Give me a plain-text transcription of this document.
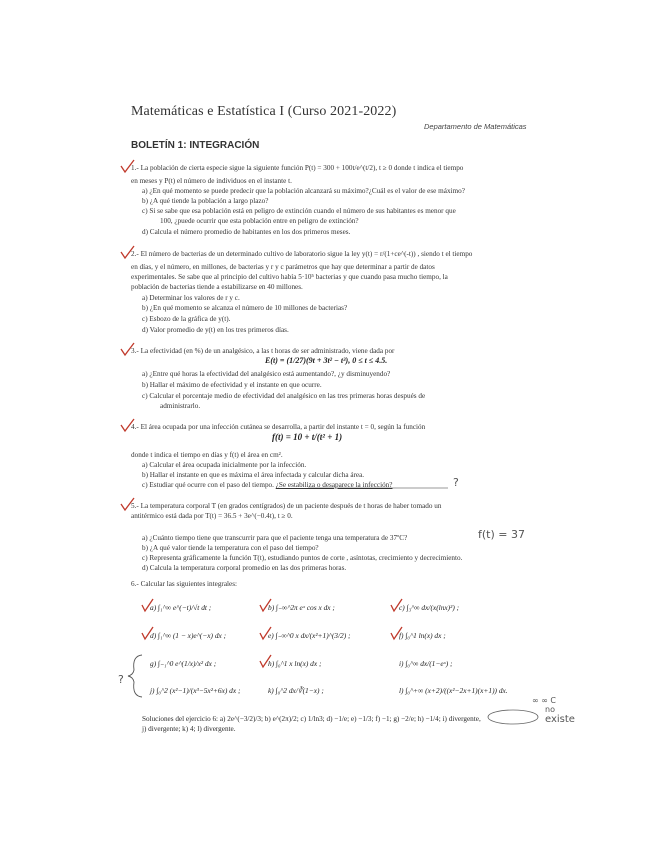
Matemáticas e Estatística I (Curso 2021-2022)
Departamento de Matemáticas
BOLETÍN 1: INTEGRACIÓN
1.- La población de cierta especie sigue la siguiente función P(t) = 300 + 100t/e^(t/2), t ≥ 0 donde t indica el tiempo
en meses y P(t) el número de individuos en el instante t.
a) ¿En qué momento se puede predecir que la población alcanzará su máximo?¿Cuál es el valor de ese máximo?
b) ¿A qué tiende la población a largo plazo?
c) Si se sabe que esa población está en peligro de extinción cuando el número de sus habitantes es menor que
100, ¿puede ocurrir que esta población entre en peligro de extinción?
d) Calcula el número promedio de habitantes en los dos primeros meses.
2.- El número de bacterias de un determinado cultivo de laboratorio sigue la ley y(t) = r/(1+ce^(-t)) , siendo t el tiempo
en días, y el número, en millones, de bacterias y r y c parámetros que hay que determinar a partir de datos
experimentales. Se sabe que al principio del cultivo había 5·10⁵ bacterias y que cuando pasa mucho tiempo, la
población de bacterias tiende a estabilizarse en 40 millones.
a) Determinar los valores de r y c.
b) ¿En qué momento se alcanza el número de 10 millones de bacterias?
c) Esbozo de la gráfica de y(t).
d) Valor promedio de y(t) en los tres primeros días.
3.- La efectividad (en %) de un analgésico, a las t horas de ser administrado, viene dada por
E(t) = (1/27)(9t + 3t² − t³), 0 ≤ t ≤ 4.5.
a) ¿Entre qué horas la efectividad del analgésico está aumentando?, ¿y disminuyendo?
b) Hallar el máximo de efectividad y el instante en que ocurre.
c) Calcular el porcentaje medio de efectividad del analgésico en las tres primeras horas después de
administrarlo.
4.- El área ocupada por una infección cutánea se desarrolla, a partir del instante t = 0, según la función
f(t) = 10 + t/(t² + 1)
donde t indica el tiempo en días y f(t) el área en cm².
a) Calcular el área ocupada inicialmente por la infección.
b) Hallar el instante en que es máxima el área infectada y calcular dicha área.
c) Estudiar qué ocurre con el paso del tiempo. ¿Se estabiliza o desaparece la infección?	?
5.- La temperatura corporal T (en grados centígrados) de un paciente después de t horas de haber tomado un
antitérmico está dada por T(t) = 36.5 + 3e^(−0.4t), t ≥ 0.
a) ¿Cuánto tiempo tiene que transcurrir para que el paciente tenga una temperatura de 37ºC?	f(t) = 37
b) ¿A qué valor tiende la temperatura con el paso del tiempo?
c) Representa gráficamente la función T(t), estudiando puntos de corte , asíntotas, crecimiento y decrecimiento.
d) Calcula la temperatura corporal promedio en las dos primeras horas.
6.- Calcular las siguientes integrales:
a) ∫₁^∞ e^(−t)/√t dt ;	b) ∫₋∞^2π eˣ cos x dx ;	c) ∫₃^∞ dx/(x(lnx)²) ;
d) ∫₁^∞ (1 − x)e^(−x) dx ;	e) ∫₋∞^0 x dx/(x²+1)^(3/2) ;	f) ∫₀^1 ln(x) dx ;
g) ∫₋₁^0 e^(1/x)/x² dx ;	h) ∫₀^1 x ln(x) dx ;	i) ∫₀^∞ dx/(1−eˣ) ;
j) ∫₀^2 (x²−1)/(x³−5x²+6x) dx ;	k) ∫₀^2 dx/∛(1−x) ;	l) ∫₀^+∞ (x+2)/((x²−2x+1)(x+1)) dx.
?
Soluciones del ejercicio 6: a) 2e^(−3/2)/3; b) e^(2π)/2; c) 1/ln3; d) −1/e; e) −1/3; f) −1; g) −2/e; h) −1/4; i) divergente,
j) divergente; k) 4; l) divergente.
∞ ∞ C
no
existe
